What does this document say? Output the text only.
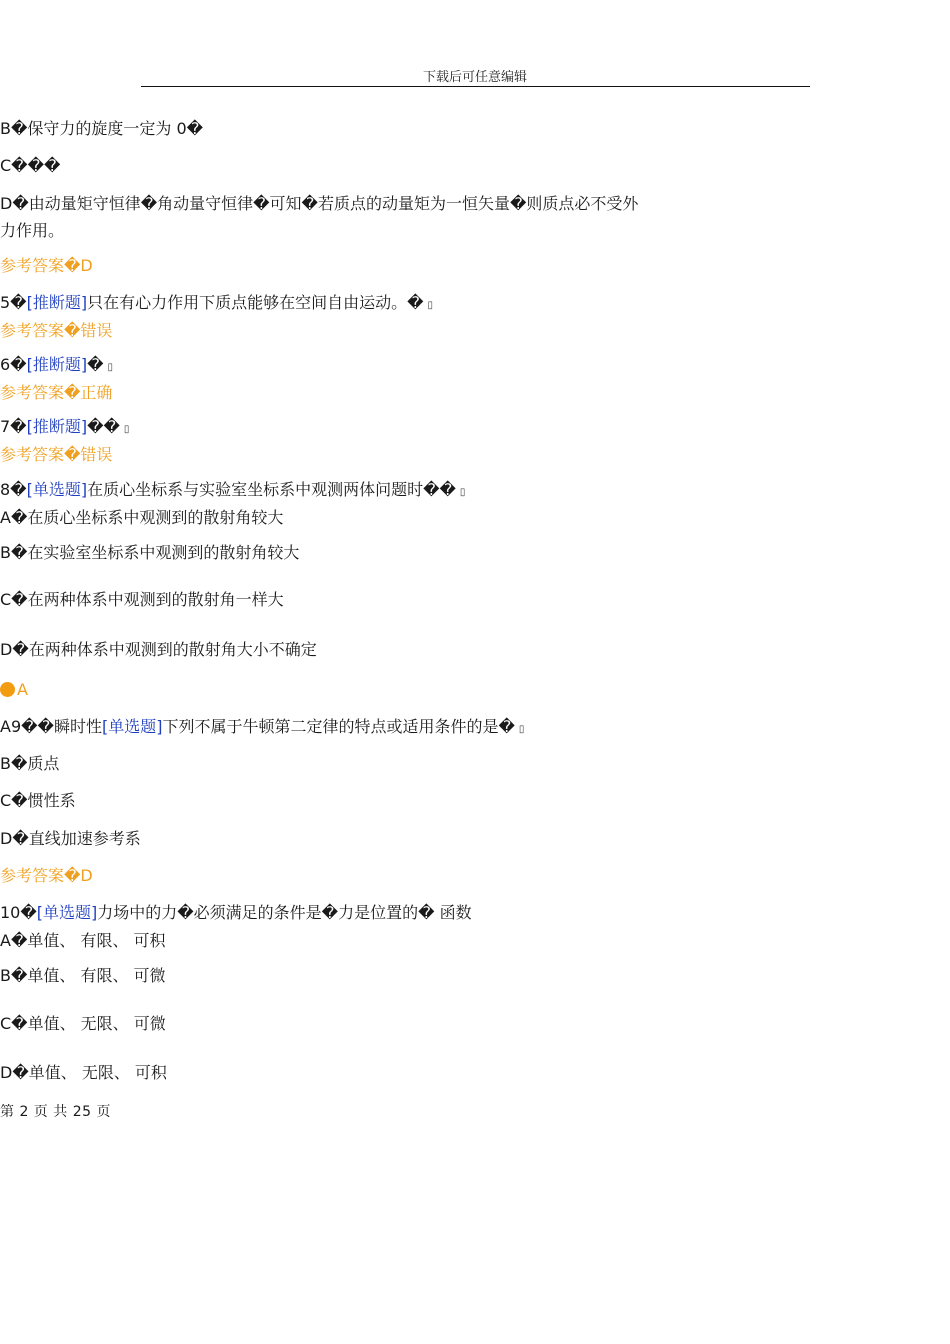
下载后可任意编辑
B�保守力的旋度一定为 0�
C���
D�由动量矩守恒律�角动量守恒律�可知�若质点的动量矩为一恒矢量�则质点必不受外
力作用。
参考答案�D
5�[推断题]只在有心力作用下质点能够在空间自由运动。� ▯
参考答案�错误
6�[推断题]� ▯
参考答案�正确
7�[推断题]�� ▯
参考答案�错误
8�[单选题]在质心坐标系与实验室坐标系中观测两体问题时�� ▯
A�在质心坐标系中观测到的散射角较大
B�在实验室坐标系中观测到的散射角较大
C�在两种体系中观测到的散射角一样大
D�在两种体系中观测到的散射角大小不确定
A
A9��瞬时性[单选题]下列不属于牛顿第二定律的特点或适用条件的是� ▯
B�质点
C�惯性系
D�直线加速参考系
参考答案�D
10�[单选题]力场中的力�必须满足的条件是�力是位置的� 函数
A�单值、 有限、 可积
B�单值、 有限、 可微
C�单值、 无限、 可微
D�单值、 无限、 可积
第 2 页 共 25 页
